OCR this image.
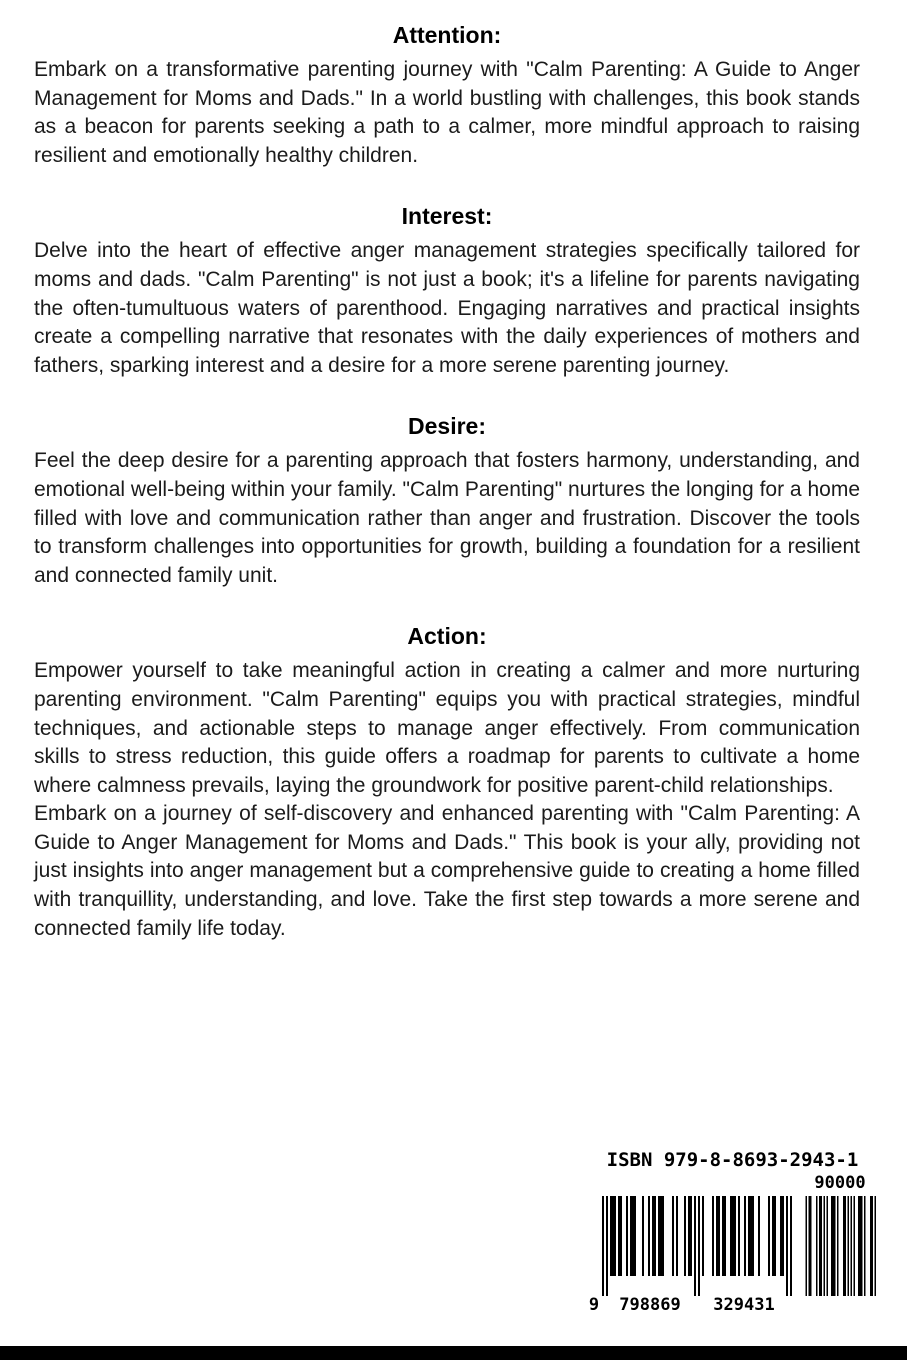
Attention:

Embark on a transformative parenting journey with "Calm Parenting: A Guide to Anger Management for Moms and Dads." In a world bustling with challenges, this book stands as a beacon for parents seeking a path to a calmer, more mindful approach to raising resilient and emotionally healthy children.

Interest:

Delve into the heart of effective anger management strategies specifically tailored for moms and dads. "Calm Parenting" is not just a book; it's a lifeline for parents navigating the often-tumultuous waters of parenthood. Engaging narratives and practical insights create a compelling narrative that resonates with the daily experiences of mothers and fathers, sparking interest and a desire for a more serene parenting journey.

Desire:

Feel the deep desire for a parenting approach that fosters harmony, understanding, and emotional well-being within your family. "Calm Parenting" nurtures the longing for a home filled with love and communication rather than anger and frustration. Discover the tools to transform challenges into opportunities for growth, building a foundation for a resilient and connected family unit.

Action:

Empower yourself to take meaningful action in creating a calmer and more nurturing parenting environment. "Calm Parenting" equips you with practical strategies, mindful techniques, and actionable steps to manage anger effectively. From communication skills to stress reduction, this guide offers a roadmap for parents to cultivate a home where calmness prevails, laying the groundwork for positive parent-child relationships.

Embark on a journey of self-discovery and enhanced parenting with "Calm Parenting: A Guide to Anger Management for Moms and Dads." This book is your ally, providing not just insights into anger management but a comprehensive guide to creating a home filled with tranquillity, understanding, and love. Take the first step towards a more serene and connected family life today.

ISBN 979-8-8693-2943-1
90000
9 798869 329431
